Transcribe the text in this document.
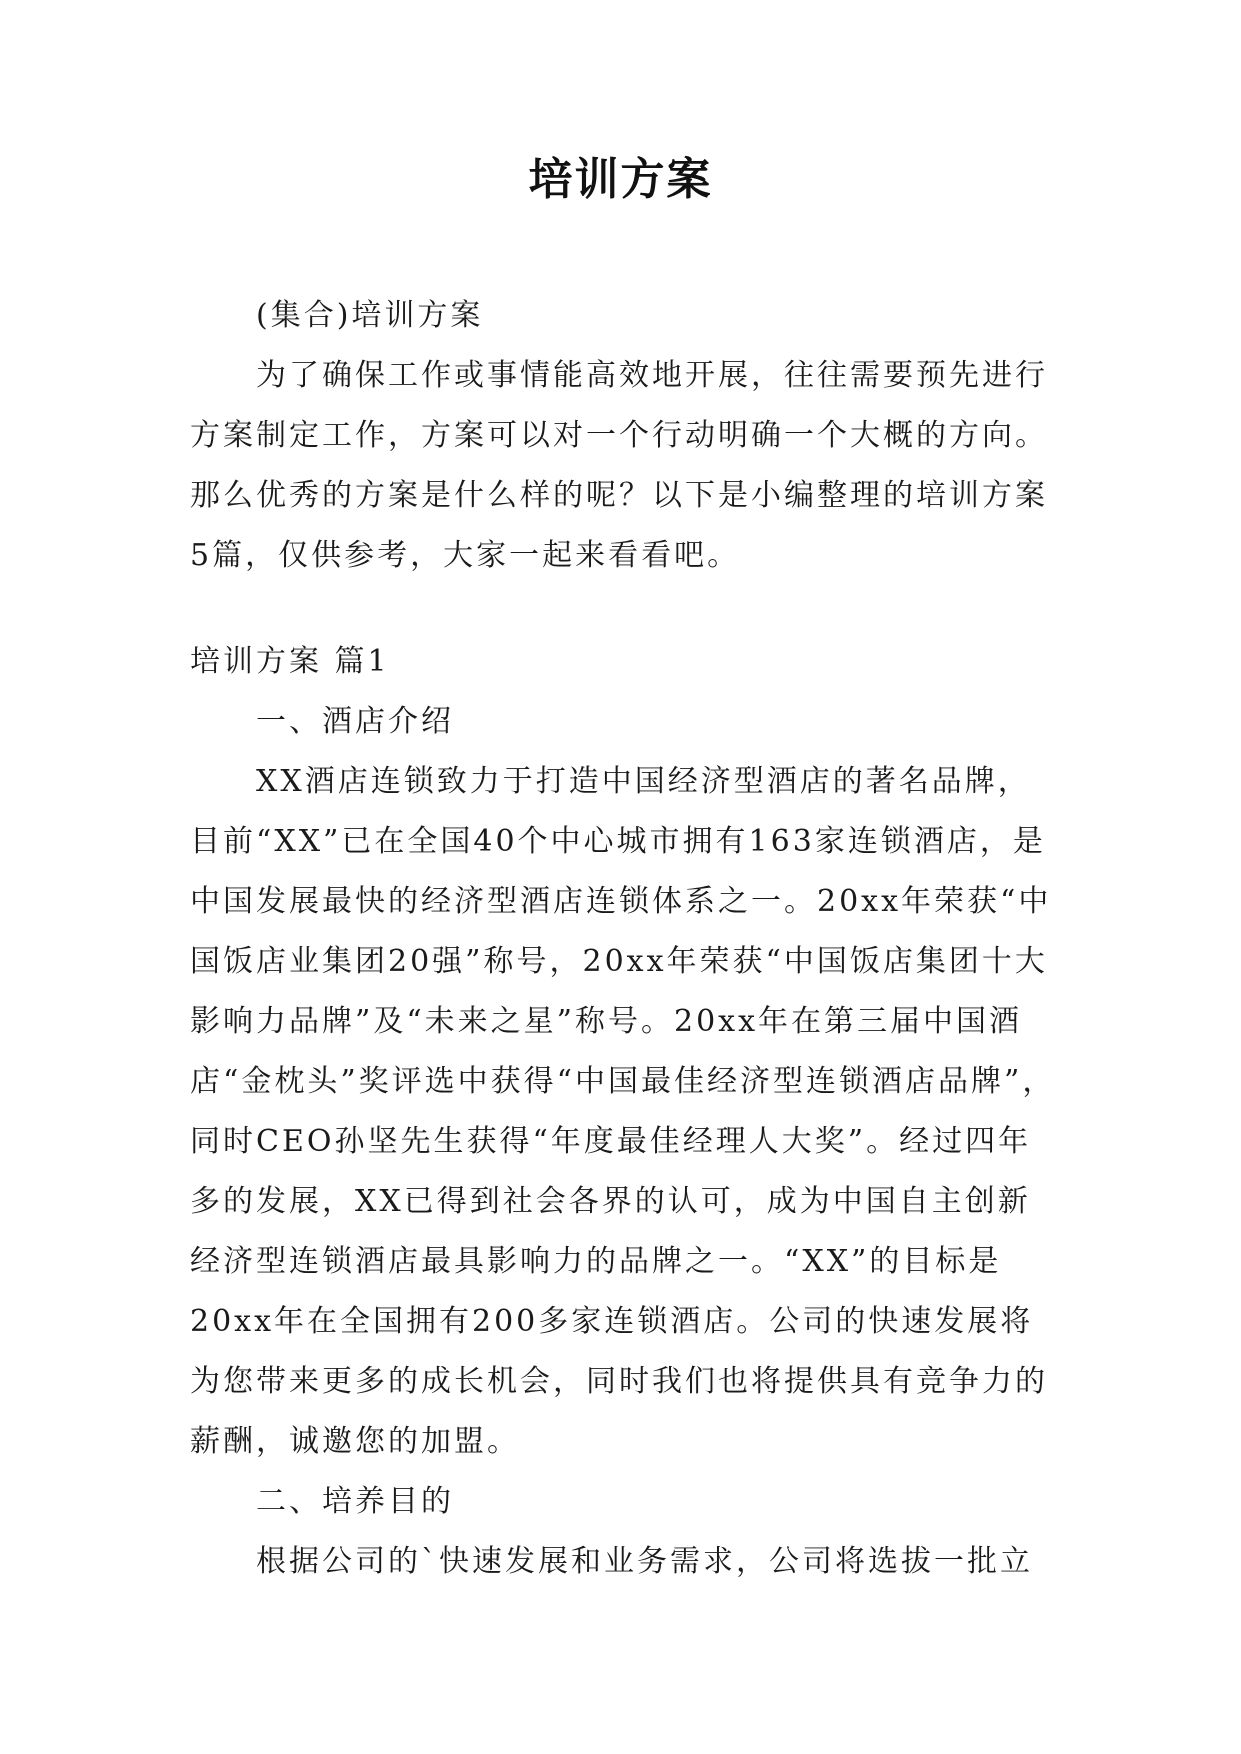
培训方案

(集合)培训方案

为了确保工作或事情能高效地开展，往往需要预先进行方案制定工作，方案可以对一个行动明确一个大概的方向。那么优秀的方案是什么样的呢？以下是小编整理的培训方案5篇，仅供参考，大家一起来看看吧。

培训方案 篇1

一、酒店介绍

XX酒店连锁致力于打造中国经济型酒店的著名品牌，目前“XX”已在全国40个中心城市拥有163家连锁酒店，是中国发展最快的经济型酒店连锁体系之一。20xx年荣获“中国饭店业集团20强”称号，20xx年荣获“中国饭店集团十大影响力品牌”及“未来之星”称号。20xx年在第三届中国酒店“金枕头”奖评选中获得“中国最佳经济型连锁酒店品牌”，同时CEO孙坚先生获得“年度最佳经理人大奖”。经过四年多的发展，XX已得到社会各界的认可，成为中国自主创新经济型连锁酒店最具影响力的品牌之一。“XX”的目标是20xx年在全国拥有200多家连锁酒店。公司的快速发展将为您带来更多的成长机会，同时我们也将提供具有竞争力的薪酬，诚邀您的加盟。

二、培养目的

根据公司的`快速发展和业务需求，公司将选拔一批立
